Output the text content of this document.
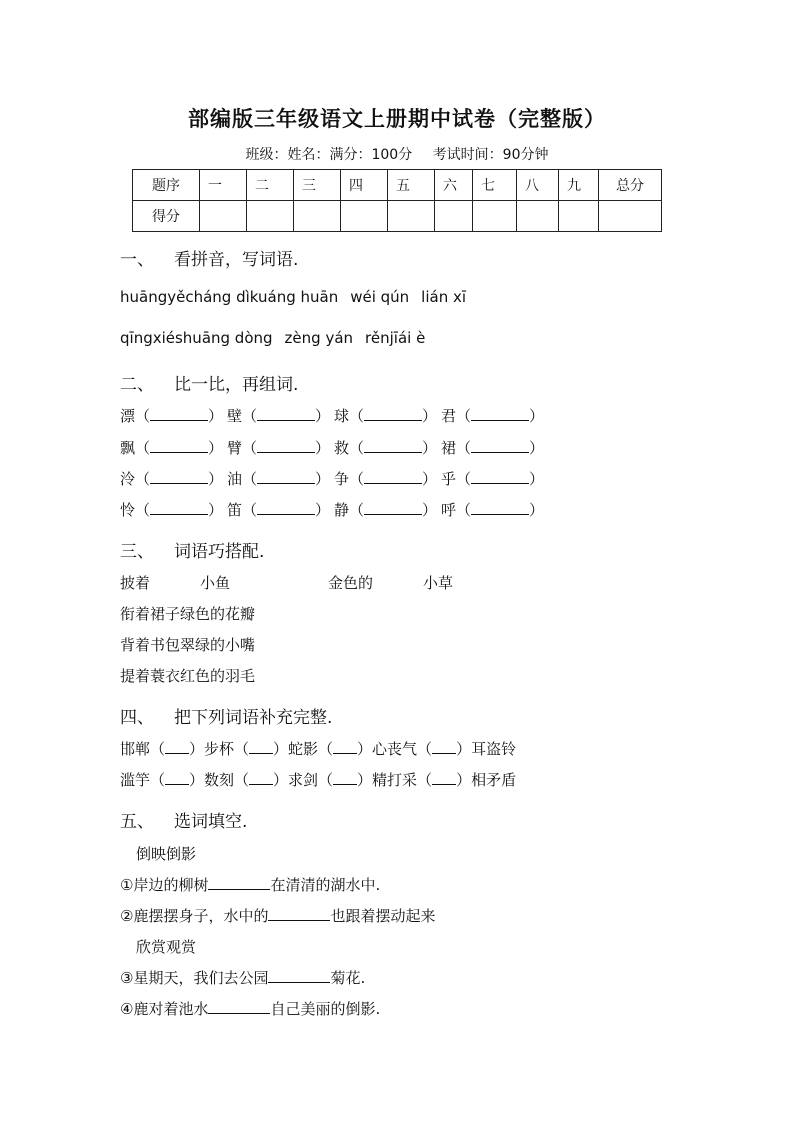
部编版三年级语文上册期中试卷（完整版）
班级：姓名：满分：100分 考试时间：90分钟
题序	一	二	三	四	五	六	七	八	九	总分
得分										
一、 看拼音，写词语.
huāngyěcháng dìkuáng huān wéi qún lián xī
qīngxiéshuāng dòng zèng yán rěnjīái è
二、 比一比，再组词.
漂（	） 壁（	） 球（	） 君（	）
飘（	） 臂（	） 救（	） 裙（	）
泠（	） 油（	） 争（	） 乎（	）
怜（	） 笛（	） 静（	） 呼（	）
三、 词语巧搭配.
披着	小鱼	金色的	小草
衔着裙子绿色的花瓣
背着书包翠绿的小嘴
提着蓑衣红色的羽毛
四、 把下列词语补充完整.
邯郸（ ）步杯（ ）蛇影（ ）心丧气（ ）耳盗铃
滥竽（ ）数刻（ ）求剑（ ）精打采（ ）相矛盾
五、 选词填空.
倒映倒影
①岸边的柳树	在清清的湖水中.
②鹿摆摆身子，水中的	也跟着摆动起来
欣赏观赏
③星期天，我们去公园	菊花.
④鹿对着池水	自己美丽的倒影.
